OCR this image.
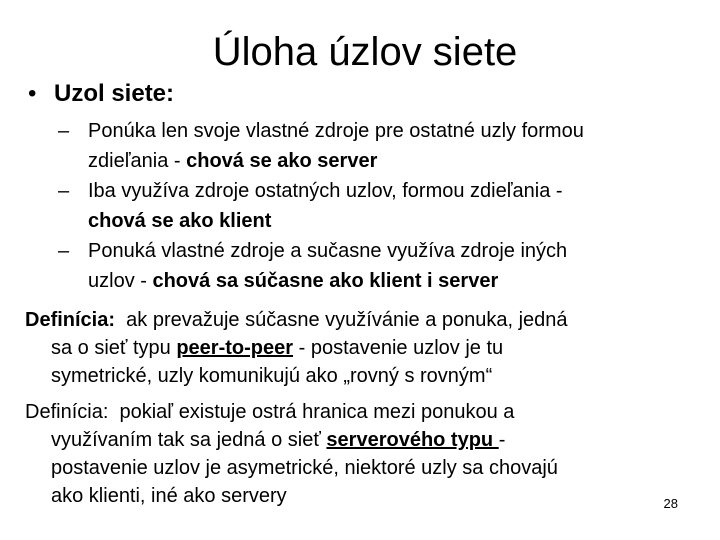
Úloha úzlov siete
• Uzol siete:
– Ponúka len svoje vlastné zdroje pre ostatné uzly formou
zdieľania - chová se ako server
– Iba využíva zdroje ostatných uzlov, formou zdieľania -
chová se ako klient
– Ponuká vlastné zdroje a sučasne využíva zdroje iných
uzlov - chová sa súčasne ako klient i server
Definícia:  ak prevažuje súčasne využívánie a ponuka, jedná
sa o sieť typu peer-to-peer - postavenie uzlov je tu
symetrické, uzly komunikujú ako „rovný s rovným“
Definícia:  pokiaľ existuje ostrá hranica mezi ponukou a
využívaním tak sa jedná o sieť serverového typu -
postavenie uzlov je asymetrické, niektoré uzly sa chovajú
ako klienti, iné ako servery	28
